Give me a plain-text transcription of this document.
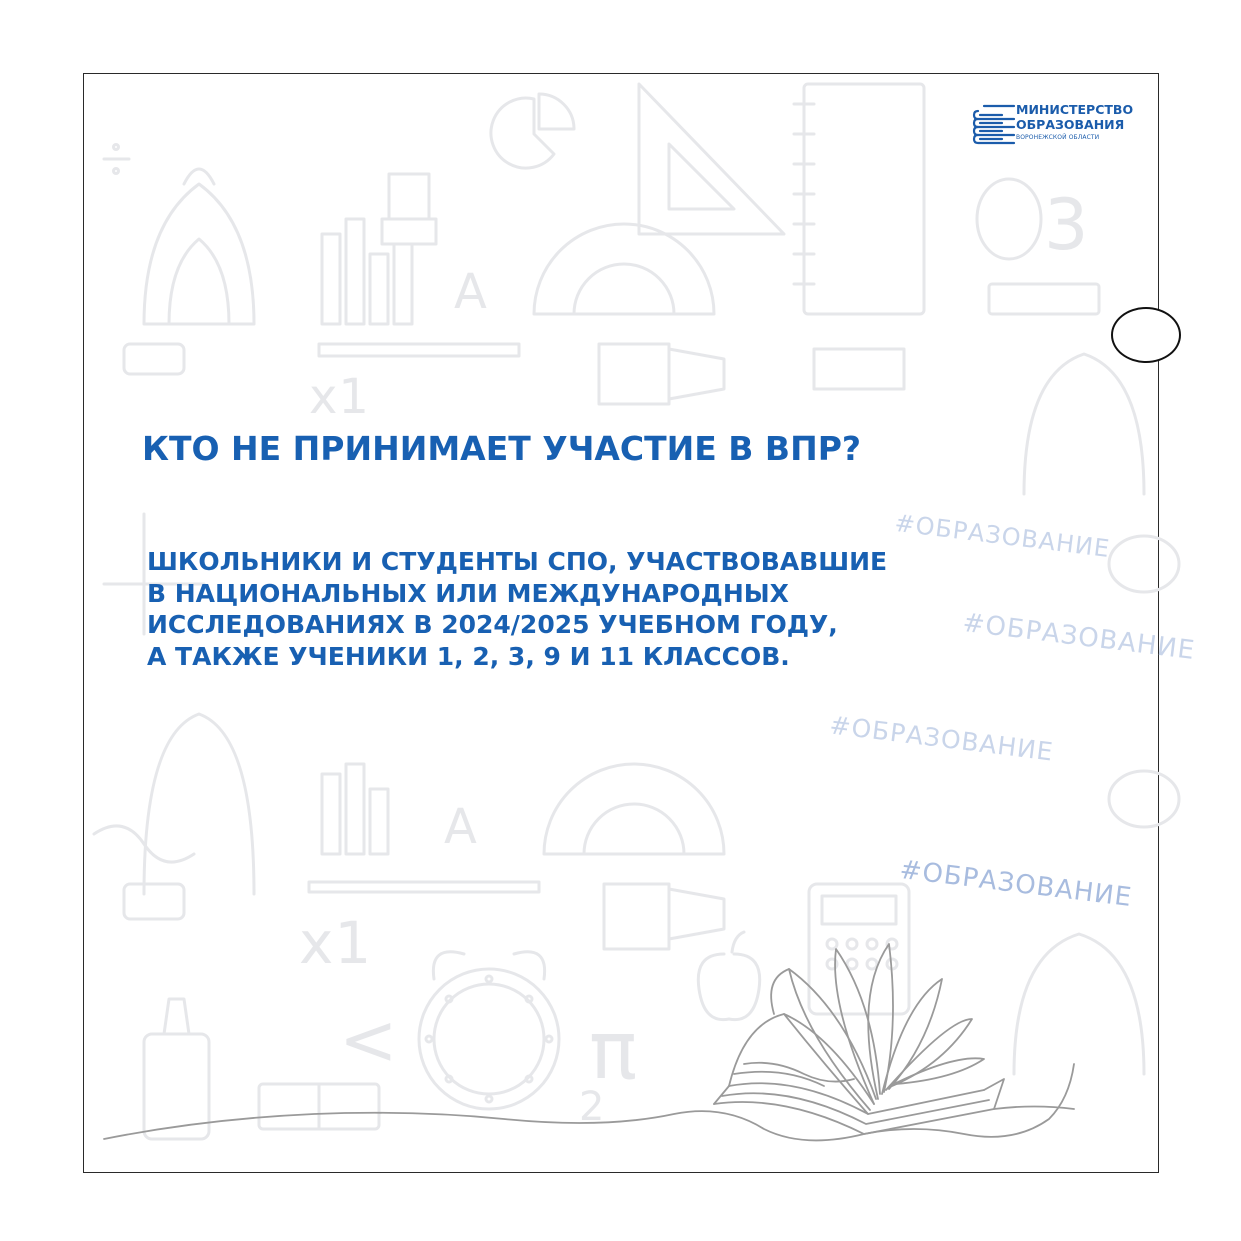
А
3
x1
А
x1
π
<
2
#ОБРАЗОВАНИЕ
#ОБРАЗОВАНИЕ
#ОБРАЗОВАНИЕ
#ОБРАЗОВАНИЕ
МИНИСТЕРСТВО
ОБРАЗОВАНИЯ
ВОРОНЕЖСКОЙ ОБЛАСТИ
КТО НЕ ПРИНИМАЕТ УЧАСТИЕ В ВПР?
ШКОЛЬНИКИ И СТУДЕНТЫ СПО, УЧАСТВОВАВШИЕ
В НАЦИОНАЛЬНЫХ ИЛИ МЕЖДУНАРОДНЫХ
ИССЛЕДОВАНИЯХ В 2024/2025 УЧЕБНОМ ГОДУ,
А ТАКЖЕ УЧЕНИКИ 1, 2, 3, 9 И 11 КЛАССОВ.
